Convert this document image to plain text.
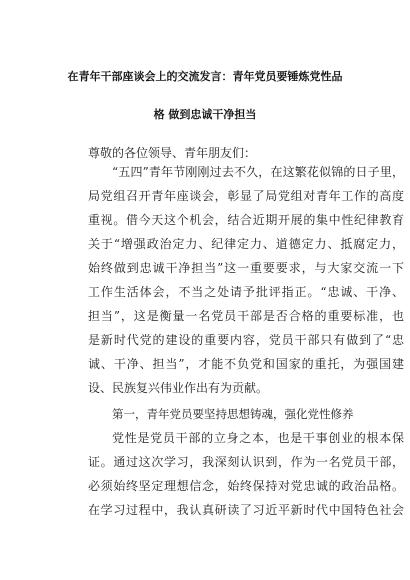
在青年干部座谈会上的交流发言：青年党员要锤炼党性品
格 做到忠诚干净担当
尊敬的各位领导、青年朋友们：
“五四”青年节刚刚过去不久，在这繁花似锦的日子里，
局党组召开青年座谈会，彰显了局党组对青年工作的高度
重视。借今天这个机会，结合近期开展的集中性纪律教育
关于“增强政治定力、纪律定力、道德定力、抵腐定力，
始终做到忠诚干净担当”这一重要要求，与大家交流一下
工作生活体会，不当之处请予批评指正。“忠诚、干净、
担当”，这是衡量一名党员干部是否合格的重要标准，也
是新时代党的建设的重要内容，党员干部只有做到了“忠
诚、干净、担当”，才能不负党和国家的重托，为强国建
设、民族复兴伟业作出有为贡献。
第一，青年党员要坚持思想铸魂，强化党性修养
党性是党员干部的立身之本，也是干事创业的根本保
证。通过这次学习，我深刻认识到，作为一名党员干部，
必须始终坚定理想信念，始终保持对党忠诚的政治品格。
在学习过程中，我认真研读了习近平新时代中国特色社会
